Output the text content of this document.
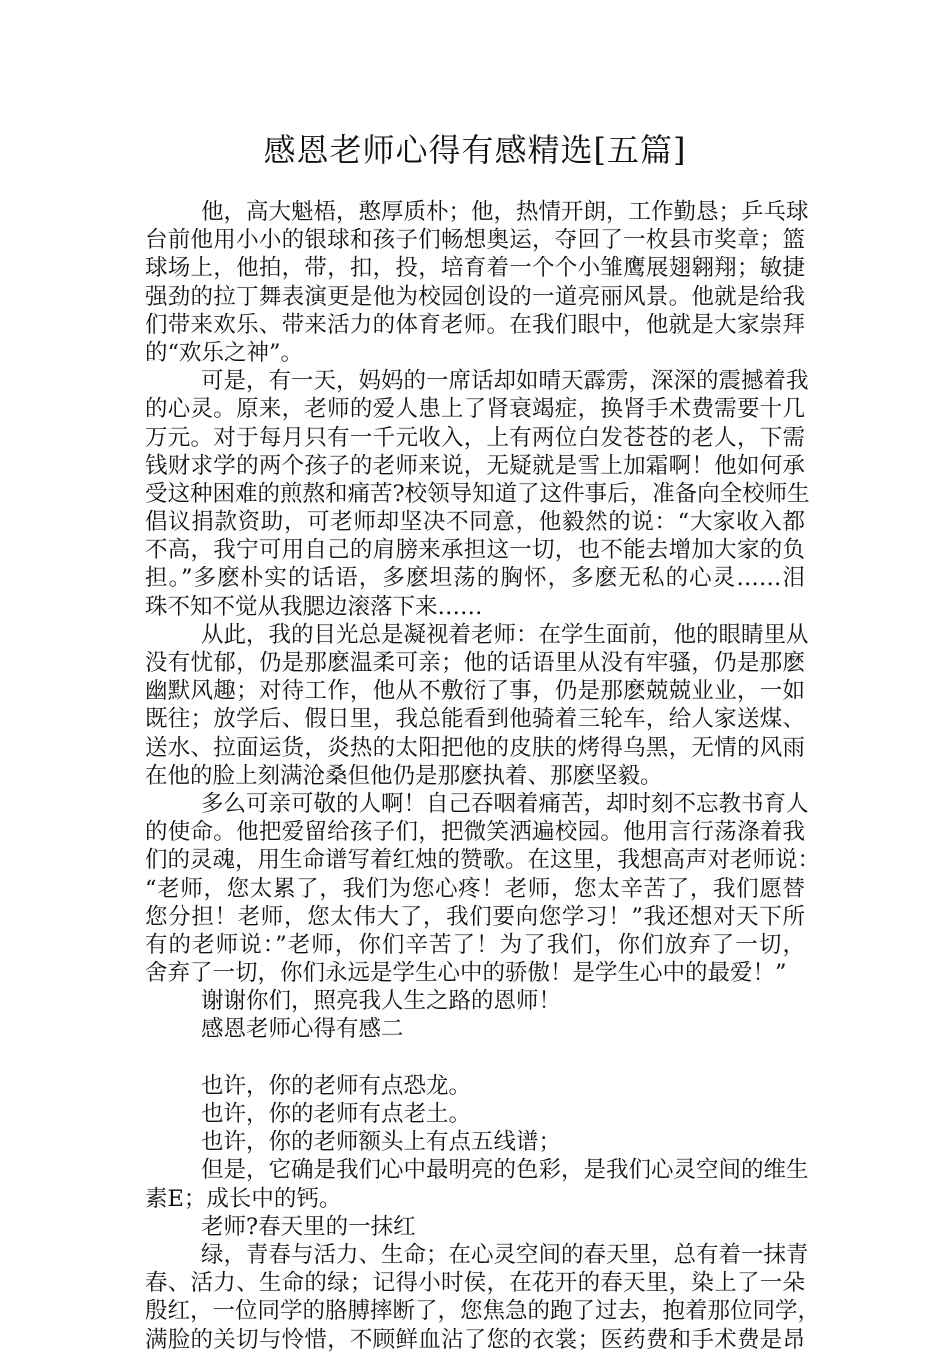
感恩老师心得有感精选[五篇]
他，高大魁梧，憨厚质朴；他，热情开朗，工作勤恳；乒乓球
台前他用小小的银球和孩子们畅想奥运，夺回了一枚县市奖章；篮
球场上，他拍，带，扣，投，培育着一个个小雏鹰展翅翱翔；敏捷
强劲的拉丁舞表演更是他为校园创设的一道亮丽风景。他就是给我
们带来欢乐、带来活力的体育老师。在我们眼中，他就是大家崇拜
的“欢乐之神”。
可是，有一天，妈妈的一席话却如晴天霹雳，深深的震撼着我
的心灵。原来，老师的爱人患上了肾衰竭症，换肾手术费需要十几
万元。对于每月只有一千元收入，上有两位白发苍苍的老人，下需
钱财求学的两个孩子的老师来说，无疑就是雪上加霜啊！他如何承
受这种困难的煎熬和痛苦?校领导知道了这件事后，准备向全校师生
倡议捐款资助，可老师却坚决不同意，他毅然的说：“大家收入都
不高，我宁可用自己的肩膀来承担这一切，也不能去增加大家的负
担。”多麽朴实的话语，多麽坦荡的胸怀，多麽无私的心灵……泪
珠不知不觉从我腮边滚落下来……
从此，我的目光总是凝视着老师：在学生面前，他的眼睛里从
没有忧郁，仍是那麽温柔可亲；他的话语里从没有牢骚，仍是那麽
幽默风趣；对待工作，他从不敷衍了事，仍是那麽兢兢业业，一如
既往；放学后、假日里，我总能看到他骑着三轮车，给人家送煤、
送水、拉面运货，炎热的太阳把他的皮肤的烤得乌黑，无情的风雨
在他的脸上刻满沧桑但他仍是那麽执着、那麽坚毅。
多么可亲可敬的人啊！自己吞咽着痛苦，却时刻不忘教书育人
的使命。他把爱留给孩子们，把微笑洒遍校园。他用言行荡涤着我
们的灵魂，用生命谱写着红烛的赞歌。在这里，我想高声对老师说：
“老师，您太累了，我们为您心疼！老师，您太辛苦了，我们愿替
您分担！老师，您太伟大了，我们要向您学习！”我还想对天下所
有的老师说：”老师，你们辛苦了！为了我们，你们放弃了一切，
舍弃了一切，你们永远是学生心中的骄傲！是学生心中的最爱！”
谢谢你们，照亮我人生之路的恩师！
感恩老师心得有感二
也许，你的老师有点恐龙。
也许，你的老师有点老土。
也许，你的老师额头上有点五线谱；
但是，它确是我们心中最明亮的色彩，是我们心灵空间的维生
素E；成长中的钙。
老师?春天里的一抹红
绿，青春与活力、生命；在心灵空间的春天里，总有着一抹青
春、活力、生命的绿；记得小时侯，在花开的春天里，染上了一朵
殷红，一位同学的胳膊摔断了，您焦急的跑了过去，抱着那位同学，
满脸的关切与怜惜，不顾鲜血沾了您的衣裳；医药费和手术费是昂
